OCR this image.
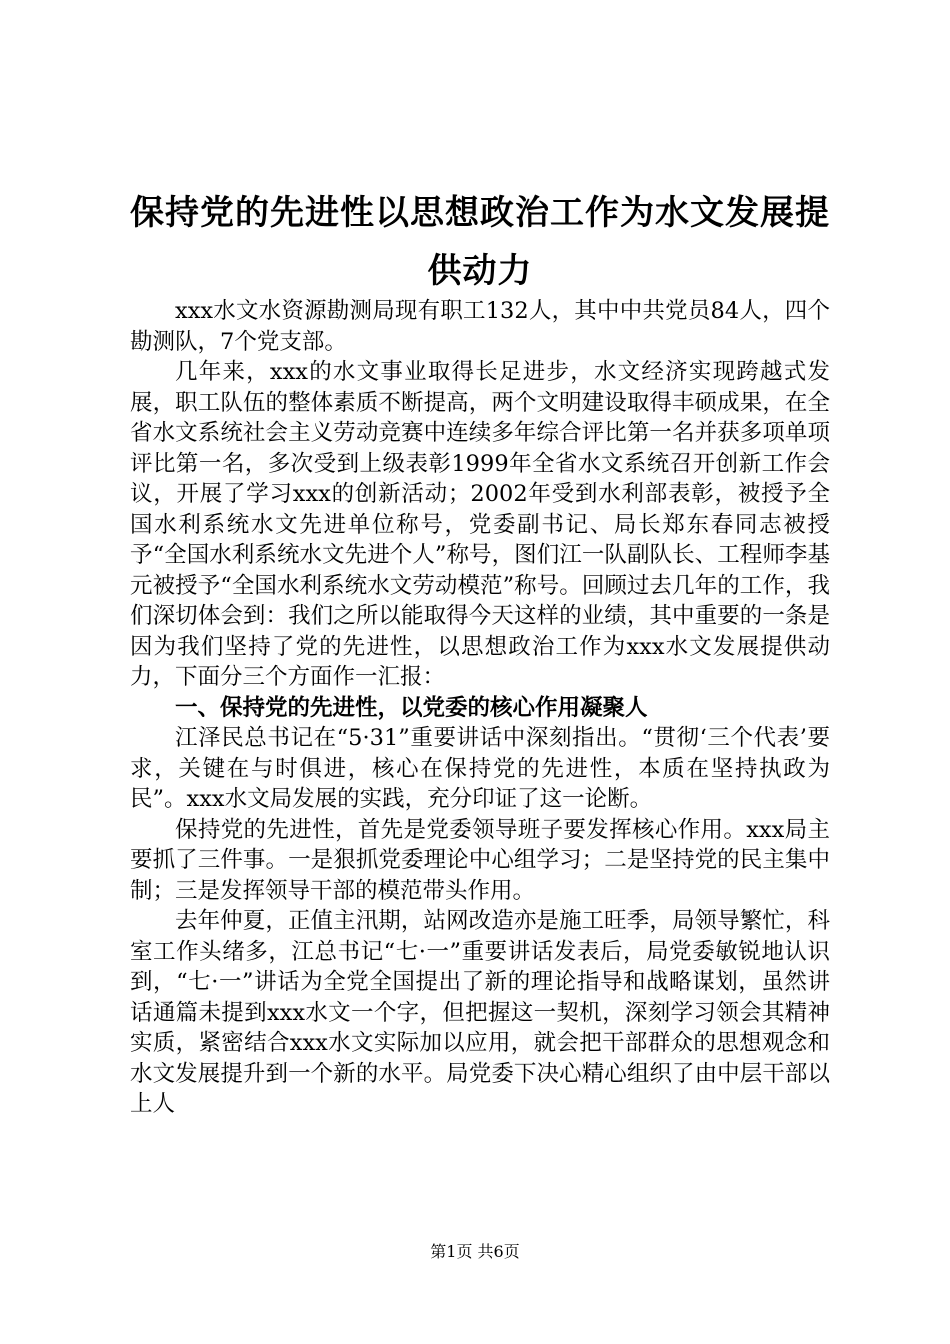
保持党的先进性以思想政治工作为水文发展提供动力

xxx水文水资源勘测局现有职工132人，其中中共党员84人，四个勘测队，7个党支部。

几年来，xxx的水文事业取得长足进步，水文经济实现跨越式发展，职工队伍的整体素质不断提高，两个文明建设取得丰硕成果，在全省水文系统社会主义劳动竞赛中连续多年综合评比第一名并获多项单项评比第一名，多次受到上级表彰1999年全省水文系统召开创新工作会议，开展了学习xxx的创新活动；2002年受到水利部表彰，被授予全国水利系统水文先进单位称号，党委副书记、局长郑东春同志被授予“全国水利系统水文先进个人”称号，图们江一队副队长、工程师李基元被授予“全国水利系统水文劳动模范”称号。回顾过去几年的工作，我们深切体会到：我们之所以能取得今天这样的业绩，其中重要的一条是因为我们坚持了党的先进性，以思想政治工作为xxx水文发展提供动力，下面分三个方面作一汇报：

一、保持党的先进性，以党委的核心作用凝聚人

江泽民总书记在“5·31”重要讲话中深刻指出。“贯彻‘三个代表’要求，关键在与时俱进，核心在保持党的先进性，本质在坚持执政为民”。xxx水文局发展的实践，充分印证了这一论断。

保持党的先进性，首先是党委领导班子要发挥核心作用。xxx局主要抓了三件事。一是狠抓党委理论中心组学习；二是坚持党的民主集中制；三是发挥领导干部的模范带头作用。

去年仲夏，正值主汛期，站网改造亦是施工旺季，局领导繁忙，科室工作头绪多，江总书记“七·一”重要讲话发表后，局党委敏锐地认识到，“七·一”讲话为全党全国提出了新的理论指导和战略谋划，虽然讲话通篇未提到xxx水文一个字，但把握这一契机，深刻学习领会其精神实质，紧密结合xxx水文实际加以应用，就会把干部群众的思想观念和水文发展提升到一个新的水平。局党委下决心精心组织了由中层干部以上人

第1页 共6页
